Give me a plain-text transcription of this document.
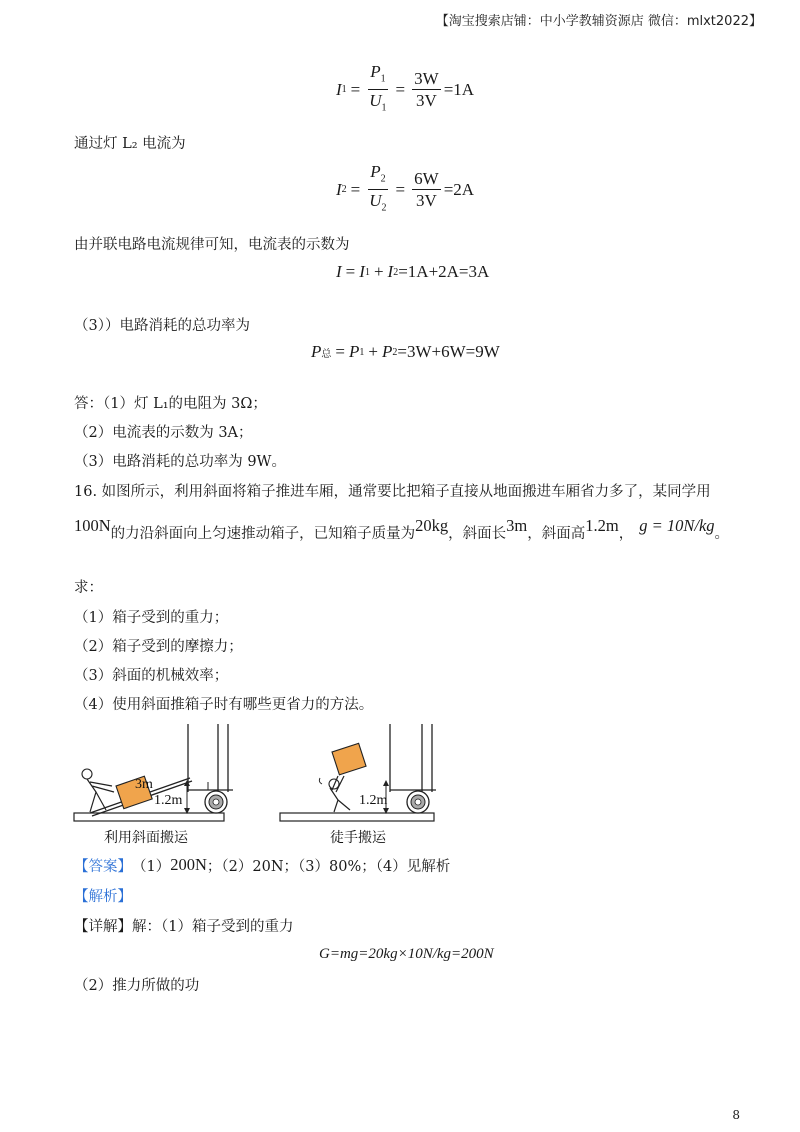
【淘宝搜索店铺：中小学教辅资源店 微信：mlxt2022】
I $1 = \frac{P_1}{U_1} = \frac{3W}{3V} =1A$
通过灯 L₂ 电流为
I $2 = \frac{P_2}{U_2} = \frac{6W}{3V} =2A$
由并联电路电流规律可知，电流表的示数为
I = I 1 + I 2 =1A+2A=3A
（3））电路消耗的总功率为
P 总 = P 1 + P 2 =3W+6W=9W
答：（1）灯 L₁的电阻为 3Ω；
（2）电流表的示数为 3A；
（3）电路消耗的总功率为 9W。
16. 如图所示，利用斜面将箱子推进车厢，通常要比把箱子直接从地面搬进车厢省力多了，某同学用
100N 的力沿斜面向上匀速推动箱子，已知箱子质量为 20kg ，斜面长 3m ，斜面高 1.2m ， g = 10N/kg 。
求：
（1）箱子受到的重力；
（2）箱子受到的摩擦力；
（3）斜面的机械效率；
（4）使用斜面推箱子时有哪些更省力的方法。
3m
1.2m	1.2m
利用斜面搬运	徒手搬运
【答案】 （1） 200N ；（2）20N；（3）80%；（4）见解析
【解析】
【详解】解：（1）箱子受到的重力
G=mg=20kg×10N/kg=200N
（2）推力所做的功
8
